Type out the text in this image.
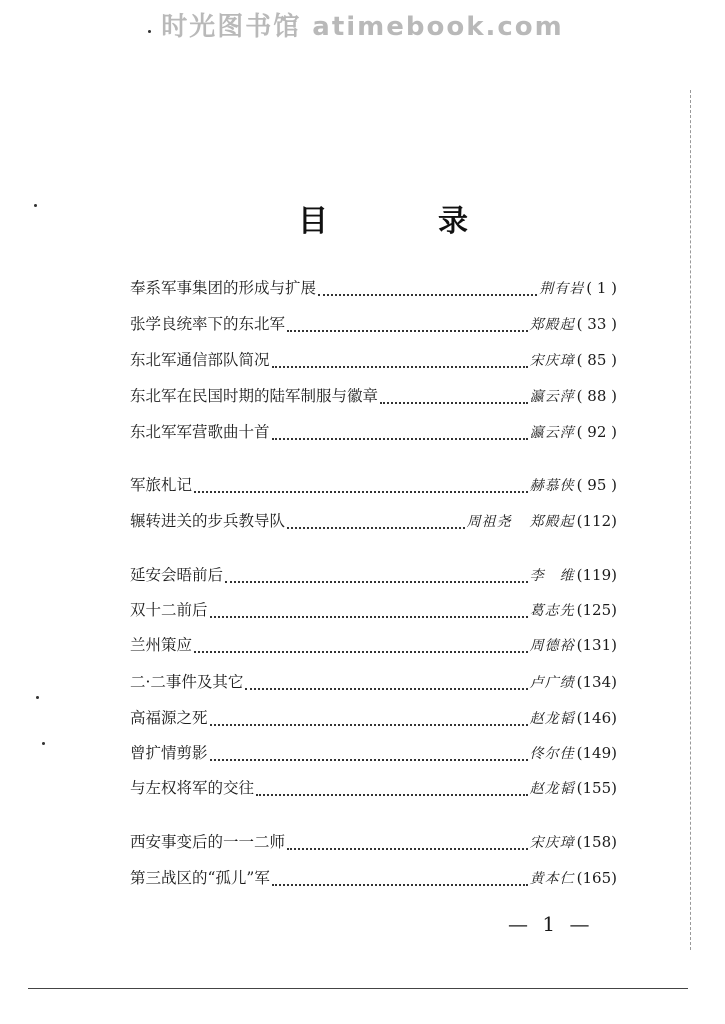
时光图书馆 atimebook.com
目	录
奉系军事集团的形成与扩展	荆有岩 ( 1 )
张学良统率下的东北军	郑殿起 ( 33 )
东北军通信部队简况	宋庆璋 ( 85 )
东北军在民国时期的陆军制服与徽章	瀛云萍 ( 88 )
东北军军营歌曲十首	瀛云萍 ( 92 )
军旅札记	赫慕侠 ( 95 )
辗转进关的步兵教导队	周祖尧 郑殿起 (112)
延安会晤前后	李　维 (119)
双十二前后	葛志先 (125)
兰州策应	周德裕 (131)
二·二事件及其它	卢广绩 (134)
高福源之死	赵龙韬 (146)
曾扩情剪影	佟尔佳 (149)
与左权将军的交往	赵龙韬 (155)
西安事变后的一一二师	宋庆璋 (158)
第三战区的“孤儿”军	黄本仁 (165)
— 1 —
